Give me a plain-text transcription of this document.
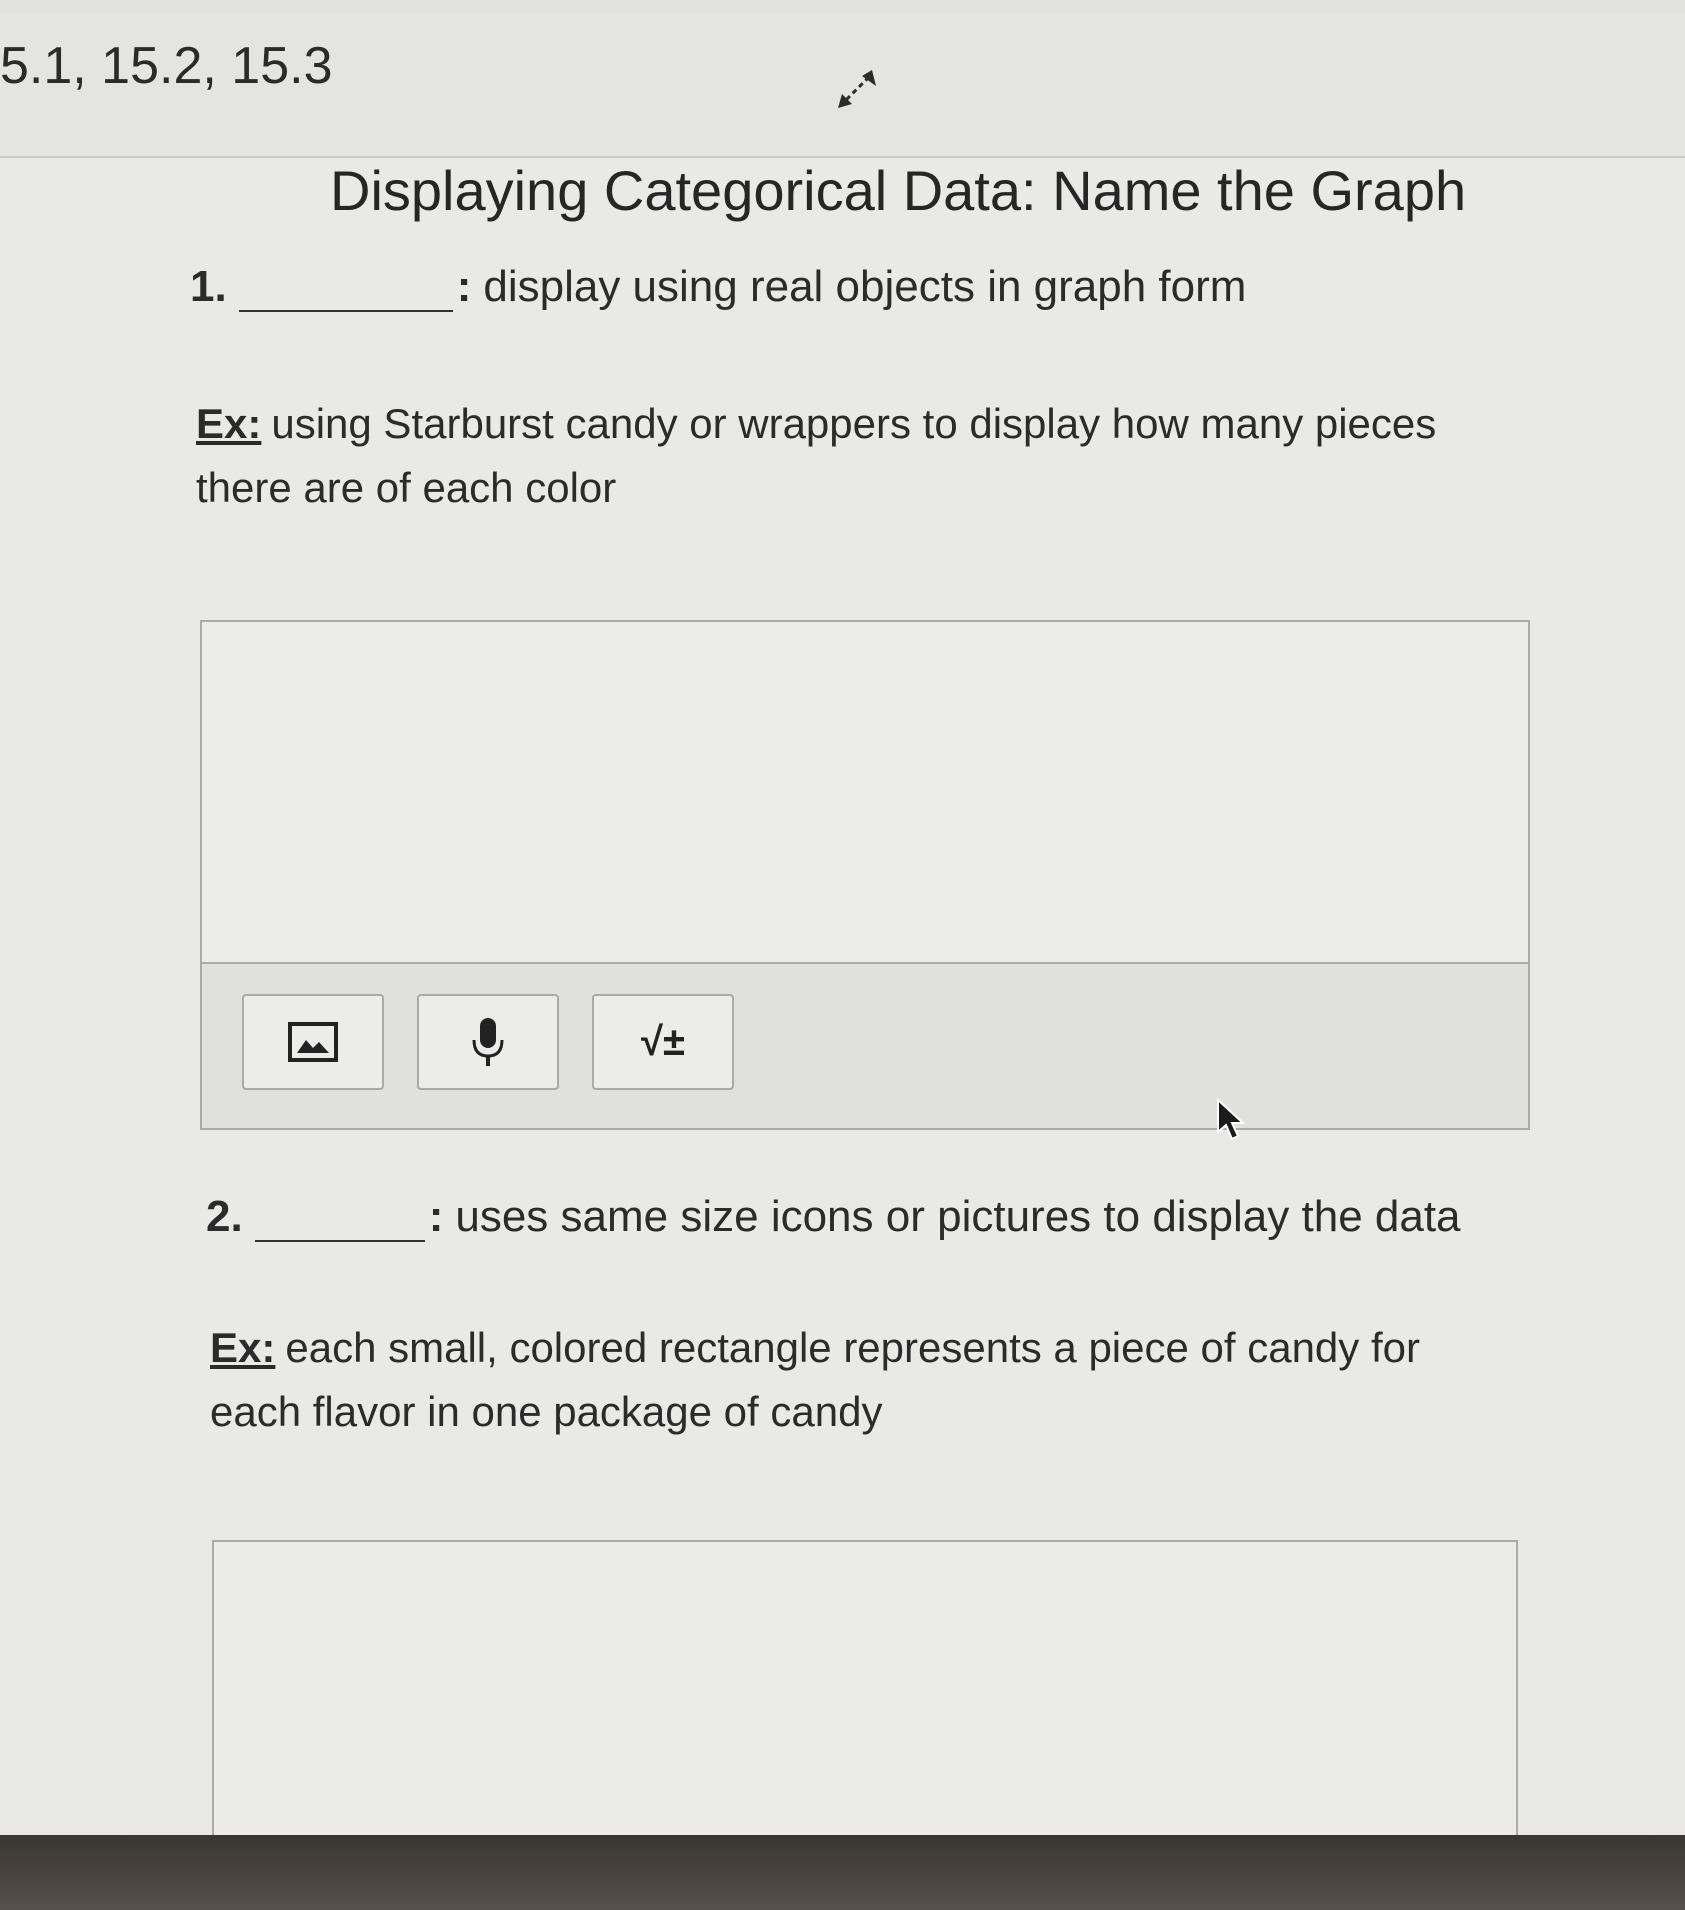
5.1, 15.2, 15.3
Displaying Categorical Data: Name the Graph
1.	: display using real objects in graph form
Ex: using Starburst candy or wrappers to display how many pieces there are of each color
√±
2.	: uses same size icons or pictures to display the data
Ex: each small, colored rectangle represents a piece of candy for each flavor in one package of candy
